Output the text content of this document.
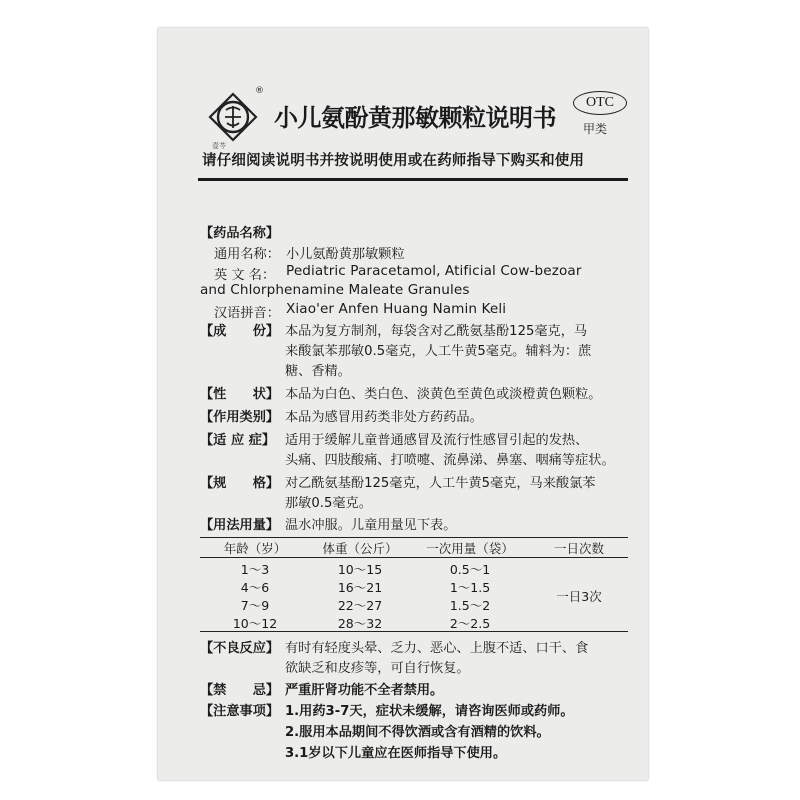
壹芩
®
小儿氨酚黄那敏颗粒说明书
OTC
甲类
请仔细阅读说明书并按说明使用或在药师指导下购买和使用
【药品名称】
通用名称： 小儿氨酚黄那敏颗粒
英 文 名： Pediatric Paracetamol, Atificial Cow-bezoar
and Chlorphenamine Maleate Granules
汉语拼音： Xiao'er Anfen Huang Namin Keli
【成　　份】 本品为复方制剂，每袋含对乙酰氨基酚125毫克，马
来酸氯苯那敏0.5毫克，人工牛黄5毫克。辅料为：蔗
糖、香精。
【性　　状】 本品为白色、类白色、淡黄色至黄色或淡橙黄色颗粒。
【作用类别】 本品为感冒用药类非处方药药品。
【适 应 症】 适用于缓解儿童普通感冒及流行性感冒引起的发热、
头痛、四肢酸痛、打喷嚏、流鼻涕、鼻塞、咽痛等症状。
【规　　格】 对乙酰氨基酚125毫克，人工牛黄5毫克，马来酸氯苯
那敏0.5毫克。
【用法用量】 温水冲服。儿童用量见下表。
年龄（岁）	体重（公斤）	一次用量（袋）	一日次数
1～3	10～15	0.5～1
4～6	16～21	1～1.5
7～9	22～27	1.5～2
10～12	28～32	2～2.5
一日3次
【不良反应】 有时有轻度头晕、乏力、恶心、上腹不适、口干、食
欲缺乏和皮疹等，可自行恢复。
【禁　　忌】 严重肝肾功能不全者禁用。
【注意事项】 1.用药3-7天，症状未缓解，请咨询医师或药师。
2.服用本品期间不得饮酒或含有酒精的饮料。
3.1岁以下儿童应在医师指导下使用。
